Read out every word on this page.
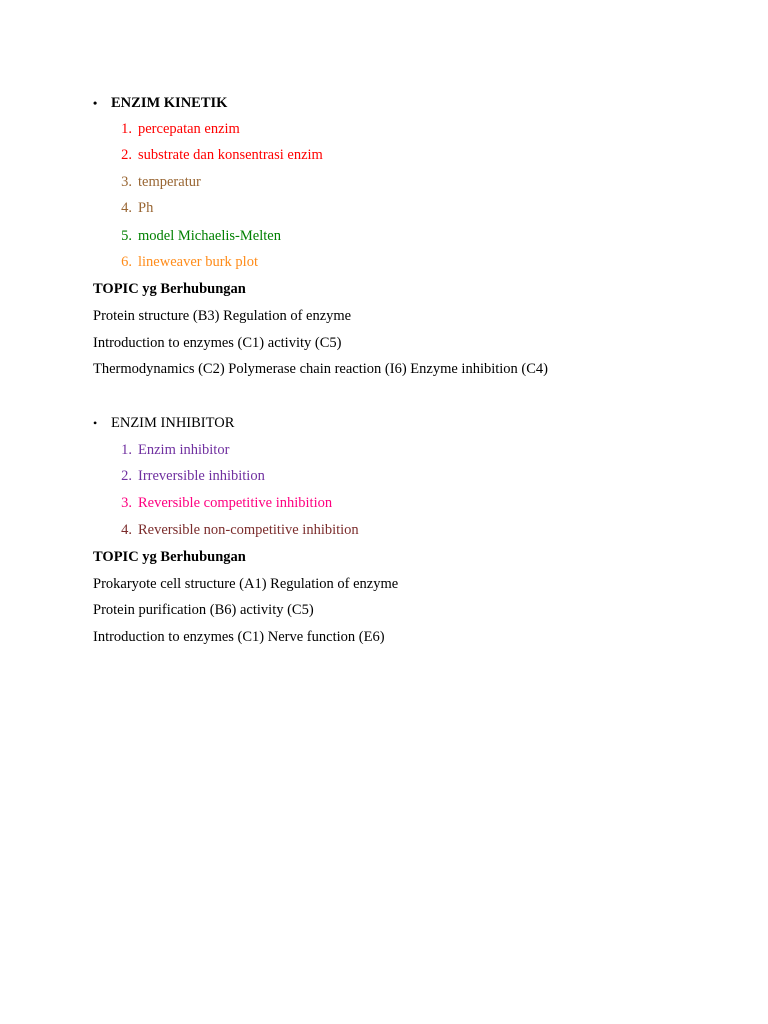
• ENZIM KINETIK
1. percepatan enzim
2. substrate dan konsentrasi enzim
3. temperatur
4. Ph
5. model Michaelis-Melten
6. lineweaver burk plot
TOPIC yg Berhubungan
Protein structure (B3) Regulation of enzyme
Introduction to enzymes (C1) activity (C5)
Thermodynamics (C2) Polymerase chain reaction (I6) Enzyme inhibition (C4)
• ENZIM INHIBITOR
1. Enzim inhibitor
2. Irreversible inhibition
3. Reversible competitive inhibition
4. Reversible non-competitive inhibition
TOPIC yg Berhubungan
Prokaryote cell structure (A1) Regulation of enzyme
Protein purification (B6) activity (C5)
Introduction to enzymes (C1) Nerve function (E6)
